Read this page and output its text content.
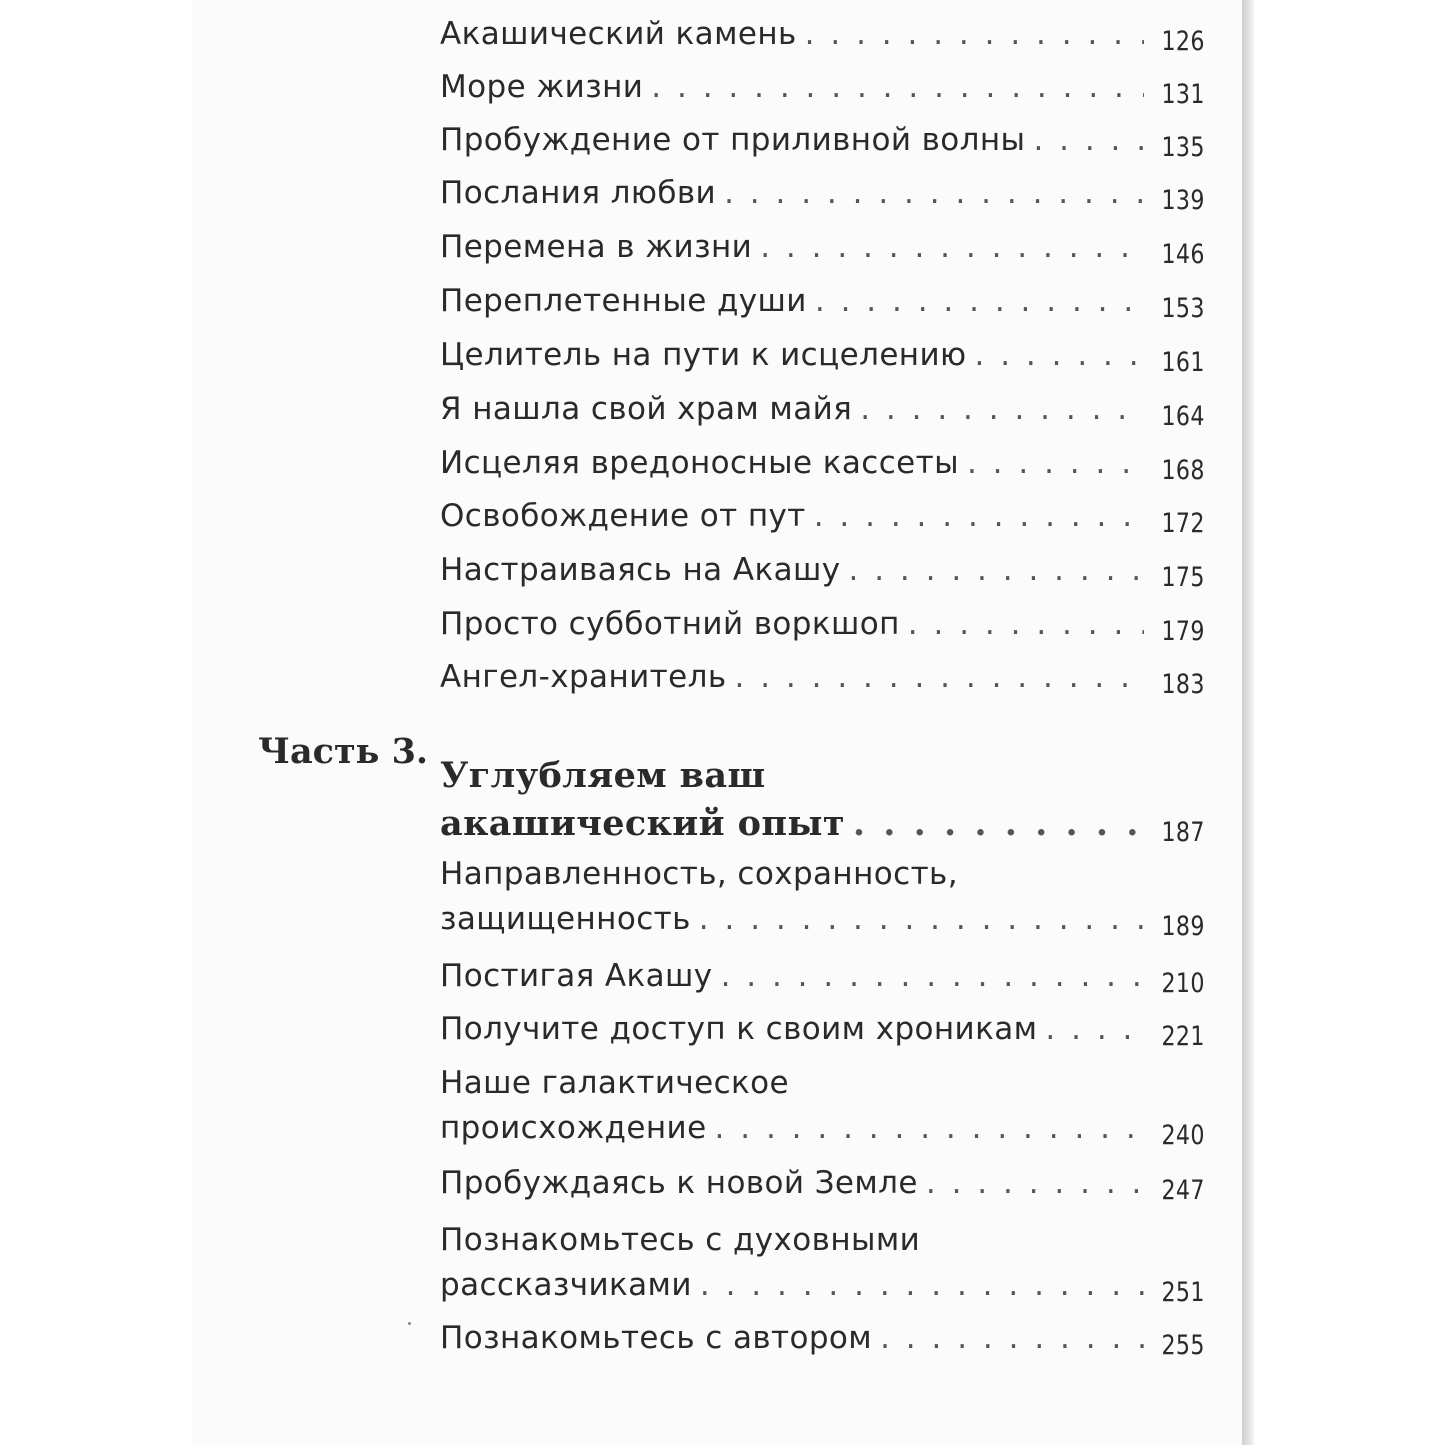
Акашический камень . . .	126
Море жизни . . .	131
Пробуждение от приливной волны . . .	135
Послания любви . . .	139
Перемена в жизни . . .	146
Переплетенные души . . .	153
Целитель на пути к исцелению . . .	161
Я нашла свой храм майя . . .	164
Исцеляя вредоносные кассеты . . .	168
Освобождение от пут . . .	172
Настраиваясь на Акашу . . .	175
Просто субботний воркшоп . . .	179
Ангел-хранитель . . .	183
Часть 3.
Углубляем ваш
акашический опыт . . .	187
Направленность, сохранность,
защищенность . . .	189
Постигая Акашу . . .	210
Получите доступ к своим хроникам . . .	221
Наше галактическое
происхождение . . .	240
Пробуждаясь к новой Земле . . .	247
Познакомьтесь с духовными
рассказчиками . . .	251
Познакомьтесь с автором . . .	255
